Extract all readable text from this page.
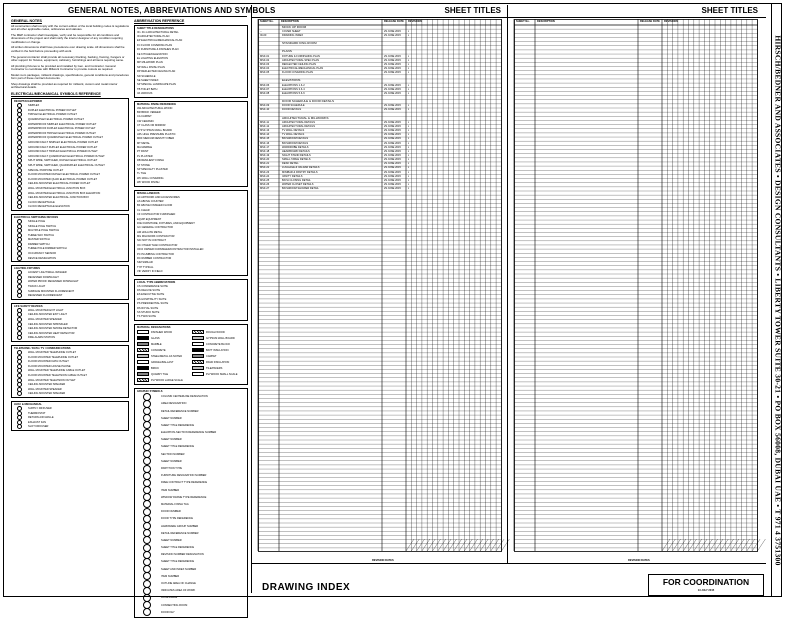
GENERAL NOTES, ABBREVIATIONS AND SYMBOLS
GENERAL NOTES
All construction shall comply with the current edition of the local building codes & regulations and all other applicable codes, ordinances and statutes.
The MEP contractor shall investigate, verify and be responsible for all conditions and dimensions of the project and shall notify the interior designer of any condition requiring modification or change.
All written dimensions shall have precedence over drawing scale. All dimensions shall be verified in the field before proceeding with work.
The general contractor shall provide all necessary blocking, backing, framing, hangers or other support for fixtures, equipment, cabinetry, furnishings and all items requiring same.
All plumbing fixtures to be provided and installed by Gen. and Contractor. General Contractor to coordinate with Millwork Contractor to provide cutouts as required.
Model room packages, millwork drawings, specifications, general conditions and procedures form part of these contract documents.
Shop drawings shall be provided as required for millwork, custom and metal interior architectural details.
ELECTRICAL/MECHANICAL SYMBOLS REFERENCE
RECEPTACLE/POWER
SIMPLEX
DUPLEX ELECTRICAL POWER OUTLET
TRIPLEX ELECTRICAL POWER OUTLET
QUADRUPLEX ELECTRICAL POWER OUTLET
WATERPROOF SIMPLEX ELECTRICAL POWER OUTLET
WATERPROOF DUPLEX ELECTRICAL POWER OUTLET
WATERPROOF TRIPLEX ELECTRICAL POWER OUTLET
WATERPROOF QUADRUPLEX ELECTRICAL POWER OUTLET
GROUND FAULT SIMPLEX ELECTRICAL POWER OUTLET
GROUND FAULT DUPLEX ELECTRICAL POWER OUTLET
GROUND FAULT TRIPLEX ELECTRICAL POWER OUTLET
GROUND FAULT QUADRUPLEX ELECTRICAL POWER OUTLET
SPLIT WIRE, SWITCHED, DUPLEX ELECTRICAL OUTLET
SPLIT WIRE, SWITCHED, QUADRUPLEX ELECTRICAL OUTLET
SPECIAL PURPOSE OUTLET
FLOOR MOUNTED DUPLEX ELECTRICAL POWER OUTLET
FLOOR MOUNTED QUAD ELECTRICAL POWER OUTLET
CEILING MOUNTED ELECTRICAL POWER OUTLET
WALL MOUNTED ELECTRICAL JUNCTION BOX
WALL MOUNTED ELECTRICAL JUNCTION BOX ELEVATION
CEILING MOUNTED ELECTRICAL JUNCTION BOX
CLOCK RECEPTACLE
CLOCK RECEPTACLE ELEVATION
ELECTRICAL SWITCHING DEVICES
SINGLE POLE
SINGLE POLE SWITCH
MULTIPLE POLE SWITCH
THREE WAY SWITCH
MASTER SWITCH
DIMMER SWITCH
THREE POLE DIMMER SWITCH
OCCUPANCY SENSOR
DEVICE DESIGNATION
LIGHTING FIXTURES
ACCENT LIGHT/WALL WASHER
RECESSED DOWNLIGHT
WATER PROOF RECESSED DOWNLIGHT
TRACK LIGHT
SURFACE MOUNTED FLUORESCENT
RECESSED FLUORESCENT
LIFE SAFETY DEVICES
WALL MOUNTED EXIT LIGHT
CEILING MOUNTED EXIT LIGHT
WALL MOUNTED SPEAKER
CEILING MOUNTED SPRINKLER
CEILING MOUNTED SMOKE DETECTOR
CEILING MOUNTED HEAT DETECTOR
FIRE ALARM STATION
TELEPHONE / DATA / TV / COMMUNICATIONS
WALL MOUNTED TELEPHONE OUTLET
FLOOR MOUNTED TELEPHONE OUTLET
FLOOR MOUNTED DATA OUTLET
FLOOR MOUNTED HOUSE PHONE
WALL MOUNTED TELEPHONE CABLE OUTLET
FLOOR MOUNTED TELEVISION CABLE OUTLET
WALL MOUNTED TELEVISION OUTLET
CEILING MOUNTED SPEAKER
WALL MOUNTED SPEAKER
CEILING MOUNTED SPEAKER
HVAC & MECHANICAL
SUPPLY DIFFUSER
THERMOSTAT
RETURN AIR GRILLE
EXHAUST FAN
SLOT DIFFUSER
ABBREVIATION REFERENCE
SHEET TITLE DESIGNATIONS
ID • ID-1 ARCHITECTURAL DETAIL
ID ARCHITECTURAL PLAN
EP ELECTRICAL/MECHANICAL PLAN
FC FLOOR COVERING PLAN
FF FURNITURE & FINISHES PLAN
KE KITCHEN ELEVATION
EL LIGHTING ELEVATION
MP MILLWORK PLAN
NP WALL FINISH PLAN
RP REFLECTED CEILING PLAN
SD SCHEDULE
SE SHEET INDEX
SP SPECIAL LANDSCAPE PLAN
TB TOILET BATH
VA VARIOUS
MATERIAL FINISH REFERENCE
AW ARCHITECTURAL WOOD
BR BRICK VENEER
CA CARPET
CW CERAMIC
CT CLASS OR MIRROR
GYP GYPSUM WALL BOARD
HPL HIGH PRESSURE PLASTIC
MDF MEDIUM DENSITY FIBER
MT METAL
MA MARBLE
PT PAINT
PL PLASTER
RB RESILIENT FINISH
ST STONE
SP SPECIALTY PLASTER
TL TILE
WC WALL COVERING
WF WOOD FINISH
MISCELLANEOUS
AC ARTWORK AND ACCESSORIES
AS ABOVE COUNTER
BF ABOVE FINISHED FLOOR
CL CLEAR
CF CONTRACTOR FURNISHED
EQUIP EQUIPMENT
FFE FURNITURE, FIXTURES, AND EQUIPMENT
GC GENERAL CONTRACTOR
HM HOLLOW METAL
MG MILLWORK CONTRACTOR
NIC NOT IN CONTRACT
OC OTHER THAN CONTRACTOR
OFCI OWNER FURNISHED/CONTRACTOR INSTALLED
PC PLUMBING CONTRACTOR
RC RUBBER CONTRACTOR
SIM SIMILAR
TYP TYPICAL
VIF VERIFY IN FIELD
LOCAL TYPE ABBREVIATIONS
CS CONFERENCE SUITE
DS DELUXE SUITE
ES EXECUTIVE SUITE
HS HOSPITALITY SUITE
PS PRESIDENTIAL SUITE
RS ROYAL SUITE
SS STUDIO SUITE
TS TWIN SUITE
MATERIAL DESIGNATIONS
FINISHED WOOD	ROUGH WOOD
GLASS	GYPSUM WALL BOARD
MARBLE	CONCRETE BLOCK
CONCRETE	BATT INSULATION
STEEL/METAL AS NOTED	CARPET
GRAVEL/BALLAST	RIGID INSULATION
BRICK	TILE/PAVERS
QUARRY TILE	PLYWOOD SMALL SCALE
PLYWOOD LARGE SCALE
GRAPHIC SYMBOLS
COLUMN CENTERLINE DESIGNATION
AREA DESIGNATION
DETAIL REFERENCE NUMBER
SHEET NUMBER
SHEET TITLE REFERENCE
ELEVATION-SECTION REFERENCE NUMBER
SHEET NUMBER
SHEET TITLE REFERENCE
SECTION NUMBER
SHEET NUMBER
PARTITION TYPE
FURNITURE DESIGNATION NUMBER
FREE CONTRACT TYPE REFERENCE
ITEM NUMBER
WINDOW FRAME TYPE REFERENCE
MATERIAL FINISH TAG
DOOR NUMBER
DOOR TYPE REFERENCE
HARDWARE GROUP NUMBER
DETAIL REFERENCE NUMBER
SHEET NUMBER
SHEET TITLE REFERENCE
REVISION NUMBER DESIGNATION
SHEET TITLE REFERENCE
SHEET AND INDEX NUMBER
ITEM NUMBER
OUTLINE AREA OF CHANGE
INDICATES AREA OF WORK
ACCESSIBLE
CONNECTING ROOM
DOOR KEY
SHEET TITLES
SHEET No.	DESCRIPTION	RELEASE DATE REVISIONS
MOCK UP ROOM
--	COVER SHEET	29 JUNE 2015	x
ID-00	DRAWING INDEX	29 JUNE 2015	x
STANDARD KING ROOM
PLANS
MSF-01	FIXTURE & FURNISHING PLAN	29 JUNE 2015	x
MSF-02	ARCHITECTURAL SPEC PLAN	29 JUNE 2015	x
MSF-03	REFLECTED CEILING PLAN	29 JUNE 2015	x
MSF-04	ELECTRICAL/MECHANICAL PLAN	29 JUNE 2015	x
MSF-05	FLOOR COVERING PLAN	29 JUNE 2015	x
ELEVATIONS
MSF-06	ELEVATIONS 1 & 2	29 JUNE 2015	x
MSF-07	ELEVATIONS 3 & 4	29 JUNE 2015	x
MSF-08	ELEVATIONS 5 & 6	29 JUNE 2015	x
DOOR SCHEDULE & DOOR DETAILS
MSF-09	DOOR SCHEDULE	29 JUNE 2015	x
MSF-10	DOOR DETAILS	29 JUNE 2015	x
ARCHITECTURAL & MILLWORKS
MSF-11	ARCHITECTURAL DETAILS	29 JUNE 2015	x
MSF-12	ARCHITECTURAL DETAILS	29 JUNE 2015	x
MSF-13	TV WALL DETAILS	29 JUNE 2015	x
MSF-14	TV WALL DETAILS	29 JUNE 2015	x
MSF-15	BATHROOM DETAILS	29 JUNE 2015	x
MSF-16	BATHROOM DETAILS	29 JUNE 2015	x
MSF-17	WARDROBE DETAILS	29 JUNE 2015	x
MSF-18	HEADBOARD DETAILS	29 JUNE 2015	x
MSF-19	NIGHT STAND DETAILS	29 JUNE 2015	x
MSF-20	SMALL TABLE DETAILS	29 JUNE 2015	x
MSF-21	DESK DETAIL	29 JUNE 2015	x
MSF-22	LUGGAGE & VALDAR DETAILS	29 JUNE 2015	x
MSF-23	MINIBAR & PANTRY DETAILS	29 JUNE 2015	x
MSF-24	VANITY DETAILS	29 JUNE 2015	x
MSF-25	BATH CLOSING DETAIL	29 JUNE 2015	x
MSF-26	WATER CLOSET DETAILS	29 JUNE 2015	x
MSF-27	BATHROOM SHOWER DETAIL	29 JUNE 2015	x
REVISION DATES
SHEET TITLES
SHEET No.	DESCRIPTION	RELEASE DATE REVISIONS
REVISION DATES
DRAWING INDEX	FOR COORDINATION
13 JULY 2015
HIRSCH/BEDNER AND ASSOCIATES • DESIGN CONSULTANTS • LIBERTY TOWER SUITE 30-21 • PO BOX 56008, DUBAI UAE • T 971 4 3751300
